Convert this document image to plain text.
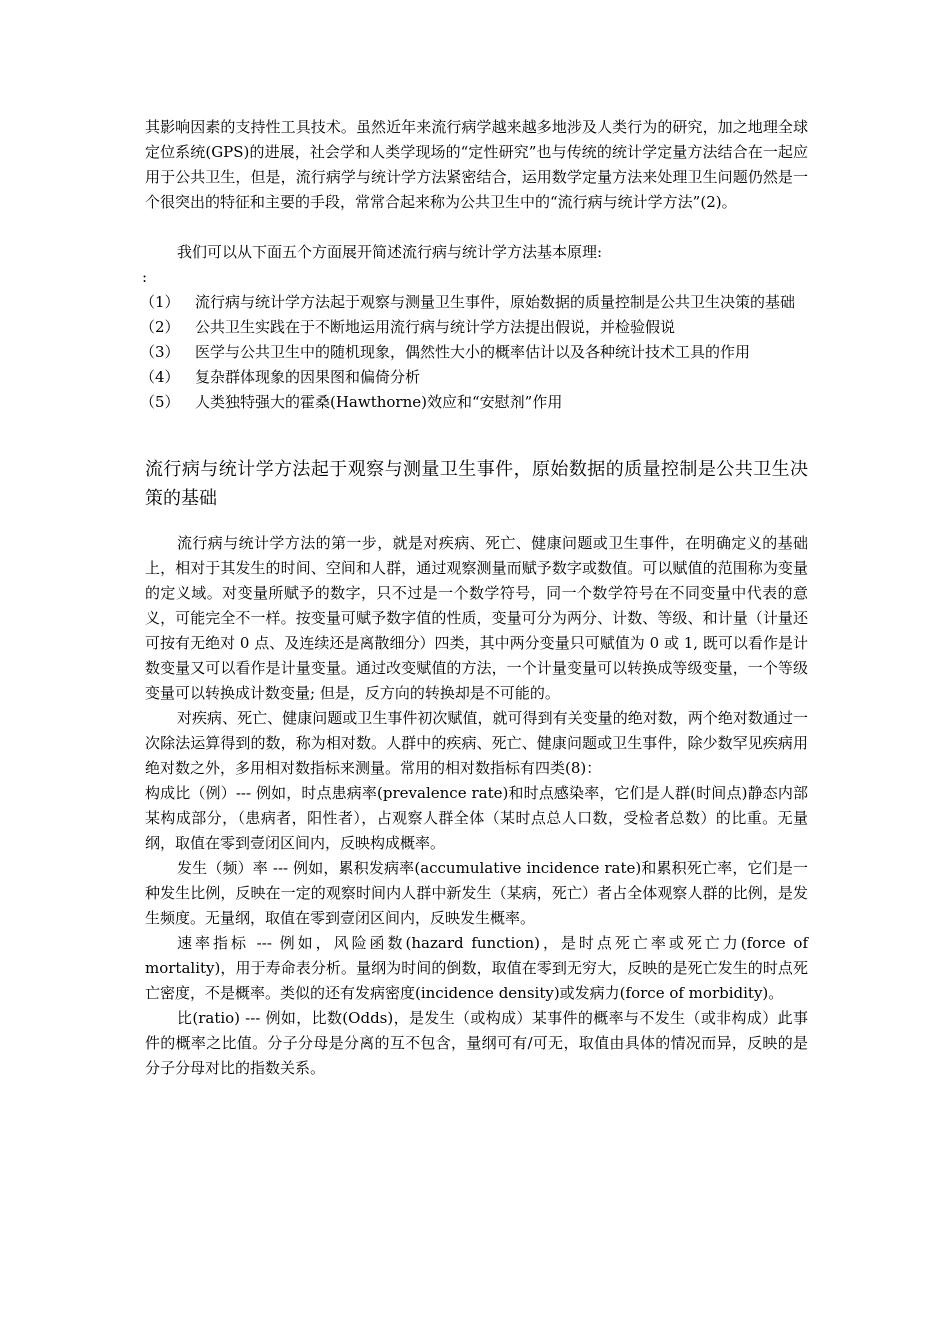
其影响因素的支持性工具技术。虽然近年来流行病学越来越多地涉及人类行为的研究，加之地理全球定位系统(GPS)的进展，社会学和人类学现场的“定性研究”也与传统的统计学定量方法结合在一起应用于公共卫生，但是，流行病学与统计学方法紧密结合，运用数学定量方法来处理卫生问题仍然是一个很突出的特征和主要的手段，常常合起来称为公共卫生中的“流行病与统计学方法”(2)。

我们可以从下面五个方面展开简述流行病与统计学方法基本原理:

:

（1）	流行病与统计学方法起于观察与测量卫生事件，原始数据的质量控制是公共卫生决策的基础
（2）	公共卫生实践在于不断地运用流行病与统计学方法提出假说，并检验假说
（3）	医学与公共卫生中的随机现象，偶然性大小的概率估计以及各种统计技术工具的作用
（4）	复杂群体现象的因果图和偏倚分析
（5）	人类独特强大的霍桑(Hawthorne)效应和“安慰剂”作用
流行病与统计学方法起于观察与测量卫生事件，原始数据的质量控制是公共卫生决策的基础

流行病与统计学方法的第一步，就是对疾病、死亡、健康问题或卫生事件，在明确定义的基础上，相对于其发生的时间、空间和人群，通过观察测量而赋予数字或数值。可以赋值的范围称为变量的定义域。对变量所赋予的数字，只不过是一个数学符号，同一个数学符号在不同变量中代表的意义，可能完全不一样。按变量可赋予数字值的性质，变量可分为两分、计数、等级、和计量（计量还可按有无绝对 0 点、及连续还是离散细分）四类，其中两分变量只可赋值为 0 或 1, 既可以看作是计数变量又可以看作是计量变量。通过改变赋值的方法，一个计量变量可以转换成等级变量，一个等级变量可以转换成计数变量; 但是，反方向的转换却是不可能的。

对疾病、死亡、健康问题或卫生事件初次赋值，就可得到有关变量的绝对数，两个绝对数通过一次除法运算得到的数，称为相对数。人群中的疾病、死亡、健康问题或卫生事件，除少数罕见疾病用绝对数之外，多用相对数指标来测量。常用的相对数指标有四类(8)：

构成比（例）--- 例如，时点患病率(prevalence rate)和时点感染率，它们是人群(时间点)静态内部某构成部分，（患病者，阳性者），占观察人群全体（某时点总人口数，受检者总数）的比重。无量纲，取值在零到壹闭区间内，反映构成概率。

发生（频）率 --- 例如，累积发病率(accumulative incidence rate)和累积死亡率，它们是一种发生比例，反映在一定的观察时间内人群中新发生（某病，死亡）者占全体观察人群的比例，是发生频度。无量纲，取值在零到壹闭区间内，反映发生概率。

速率指标 --- 例如，风险函数(hazard function)，是时点死亡率或死亡力(force of mortality)，用于寿命表分析。量纲为时间的倒数，取值在零到无穷大，反映的是死亡发生的时点死亡密度，不是概率。类似的还有发病密度(incidence density)或发病力(force of morbidity)。

比(ratio) --- 例如，比数(Odds)，是发生（或构成）某事件的概率与不发生（或非构成）此事件的概率之比值。分子分母是分离的互不包含，量纲可有/可无，取值由具体的情况而异，反映的是分子分母对比的指数关系。
